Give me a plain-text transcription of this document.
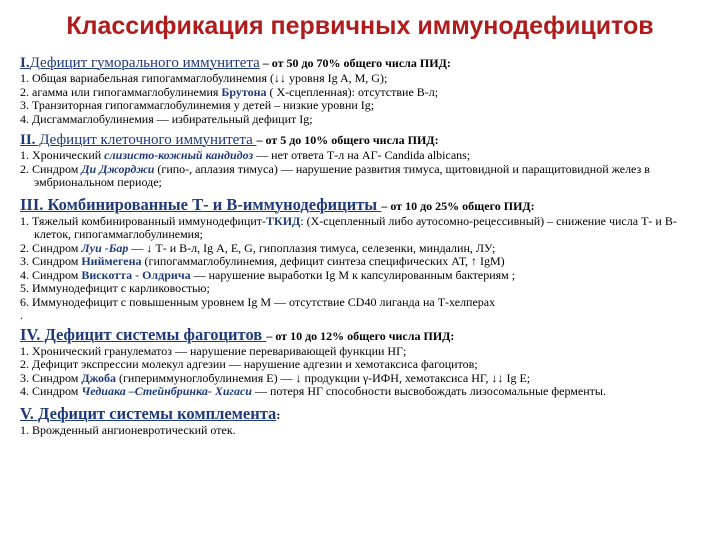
Классификация первичных иммунодефицитов
I.Дефицит гуморального иммунитета – от 50 до 70% общего числа ПИД:
1. Общая вариабельная гипогаммаглобулинемия (↓↓ уровня Ig A, M, G);
2. агамма или гипогаммаглобулинемия Брутона ( Х-сцепленная): отсутствие В-л;
3. Транзиторная гипогаммаглобулинемия у детей – низкие уровни Ig;
4. Дисгаммаглобулинемия — избирательный дефицит Ig;
II. Дефицит клеточного иммунитета – от 5 до 10% общего числа ПИД:
1. Хронический слизисто-кожный кандидоз — нет ответа Т-л на АГ- Candida albicans;
2. Синдром Ди Джорджи (гипо-, аплазия тимуса) — нарушение развития тимуса, щитовидной и паращитовидной желез в эмбриональном периоде;
III. Комбинированные Т- и В-иммунодефициты – от 10 до 25% общего ПИД:
1. Тяжелый комбинированный иммунодефицит-ТКИД: (Х-сцепленный либо аутосомно-рецессивный) – снижение числа Т- и В- клеток, гипогаммаглобулинемия;
2. Синдром Луи -Бар — ↓ Т- и В-л, Ig А, Е, G, гипоплазия тимуса, селезенки, миндалин, ЛУ;
3. Синдром Ниймегена (гипогаммаглобулинемия, дефицит синтеза специфических АТ, ↑ IgM)
4. Синдром Вискотта - Олдрича — нарушение выработки Ig M к капсулированным бактериям ;
5. Иммунодефицит с карликовостью;
6. Иммунодефицит с повышенным уровнем Ig M — отсутствие CD40 лиганда на Т-хелперах
.
IV. Дефицит системы фагоцитов – от 10 до 12% общего числа ПИД:
1. Хронический гранулематоз — нарушение переваривающей функции НГ;
2. Дефицит экспрессии молекул адгезии — нарушение адгезии и хемотаксиса фагоцитов;
3. Синдром Джоба (гипериммуноглобулинемия E) — ↓ продукции γ-ИФН, хемотаксиса НГ, ↓↓ Ig E;
4. Синдром Чедиака –Стейнбринка- Хигаси — потеря НГ способности высвобождать лизосомальные ферменты.
V. Дефицит системы комплемента:
1. Врожденный ангионевротический отек.
